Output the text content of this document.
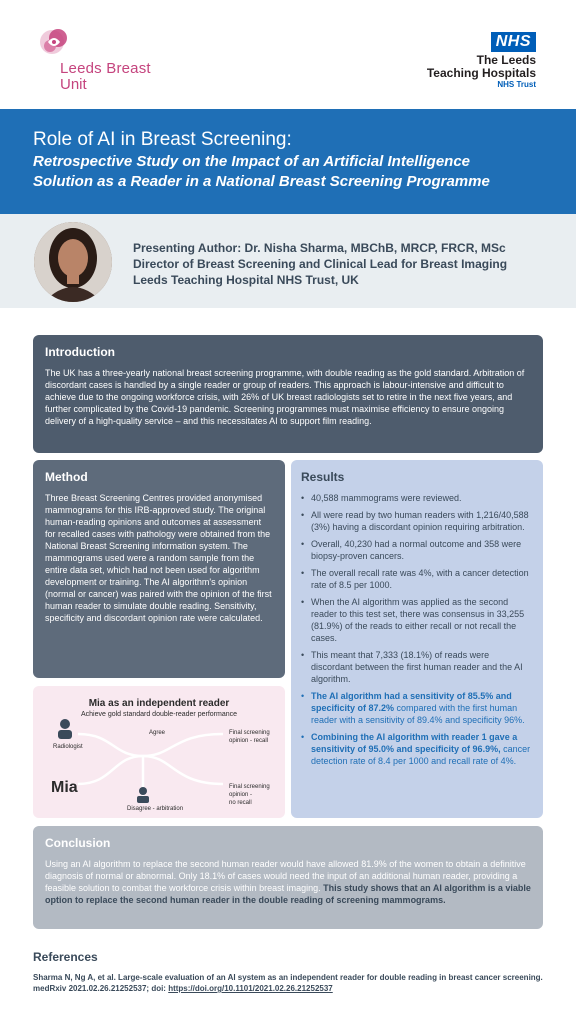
Leeds Breast
Unit
NHS
The Leeds
Teaching Hospitals
NHS Trust
Role of AI in Breast Screening:
Retrospective Study on the Impact of an Artificial Intelligence
Solution as a Reader in a National Breast Screening Programme
Presenting Author: Dr. Nisha Sharma, MBChB, MRCP, FRCR, MSc
Director of Breast Screening and Clinical Lead for Breast Imaging
Leeds Teaching Hospital NHS Trust, UK
Introduction
The UK has a three-yearly national breast screening programme, with double reading as the gold standard. Arbitration of discordant cases is handled by a single reader or group of readers. This approach is labour-intensive and difficult to achieve due to the ongoing workforce crisis, with 26% of UK breast radiologists set to retire in the next five years, and further complicated by the Covid-19 pandemic. Screening programmes must maximise efficiency to ensure ongoing delivery of a high-quality service – and this necessitates AI to support film reading.
Method
Three Breast Screening Centres provided anonymised mammograms for this IRB-approved study. The original human-reading opinions and outcomes at assessment for recalled cases with pathology were obtained from the National Breast Screening information system. The mammograms used were a random sample from the entire data set, which had not been used for algorithm development or training. The AI algorithm's opinion (normal or cancer) was paired with the opinion of the first human reader to simulate double reading. Sensitivity, specificity and discordant opinion rate were calculated.
Mia as an independent reader
Achieve gold standard double-reader performance
Radiologist
Agree
Disagree - arbitration
Final screening
opinion - recall
Final screening
opinion -
no recall
Mia
Results
• 40,588 mammograms were reviewed.
• All were read by two human readers with 1,216/40,588 (3%) having a discordant opinion requiring arbitration.
• Overall, 40,230 had a normal outcome and 358 were biopsy-proven cancers.
• The overall recall rate was 4%, with a cancer detection rate of 8.5 per 1000.
• When the AI algorithm was applied as the second reader to this test set, there was consensus in 33,255 (81.9%) of the reads to either recall or not recall the cases.
• This meant that 7,333 (18.1%) of reads were discordant between the first human reader and the AI algorithm.
• The AI algorithm had a sensitivity of 85.5% and specificity of 87.2% compared with the first human reader with a sensitivity of 89.4% and specificity 96%.
• Combining the AI algorithm with reader 1 gave a sensitivity of 95.0% and specificity of 96.9%, cancer detection rate of 8.4 per 1000 and recall rate of 4%.
Conclusion
Using an AI algorithm to replace the second human reader would have allowed 81.9% of the women to obtain a definitive diagnosis of normal or abnormal. Only 18.1% of cases would need the input of an additional human reader, providing a feasible solution to combat the workforce crisis within breast imaging. This study shows that an AI algorithm is a viable option to replace the second human reader in the double reading of screening mammograms.
References
Sharma N, Ng A, et al. Large-scale evaluation of an AI system as an independent reader for double reading in breast cancer screening. medRxiv 2021.02.26.21252537; doi: https://doi.org/10.1101/2021.02.26.21252537
